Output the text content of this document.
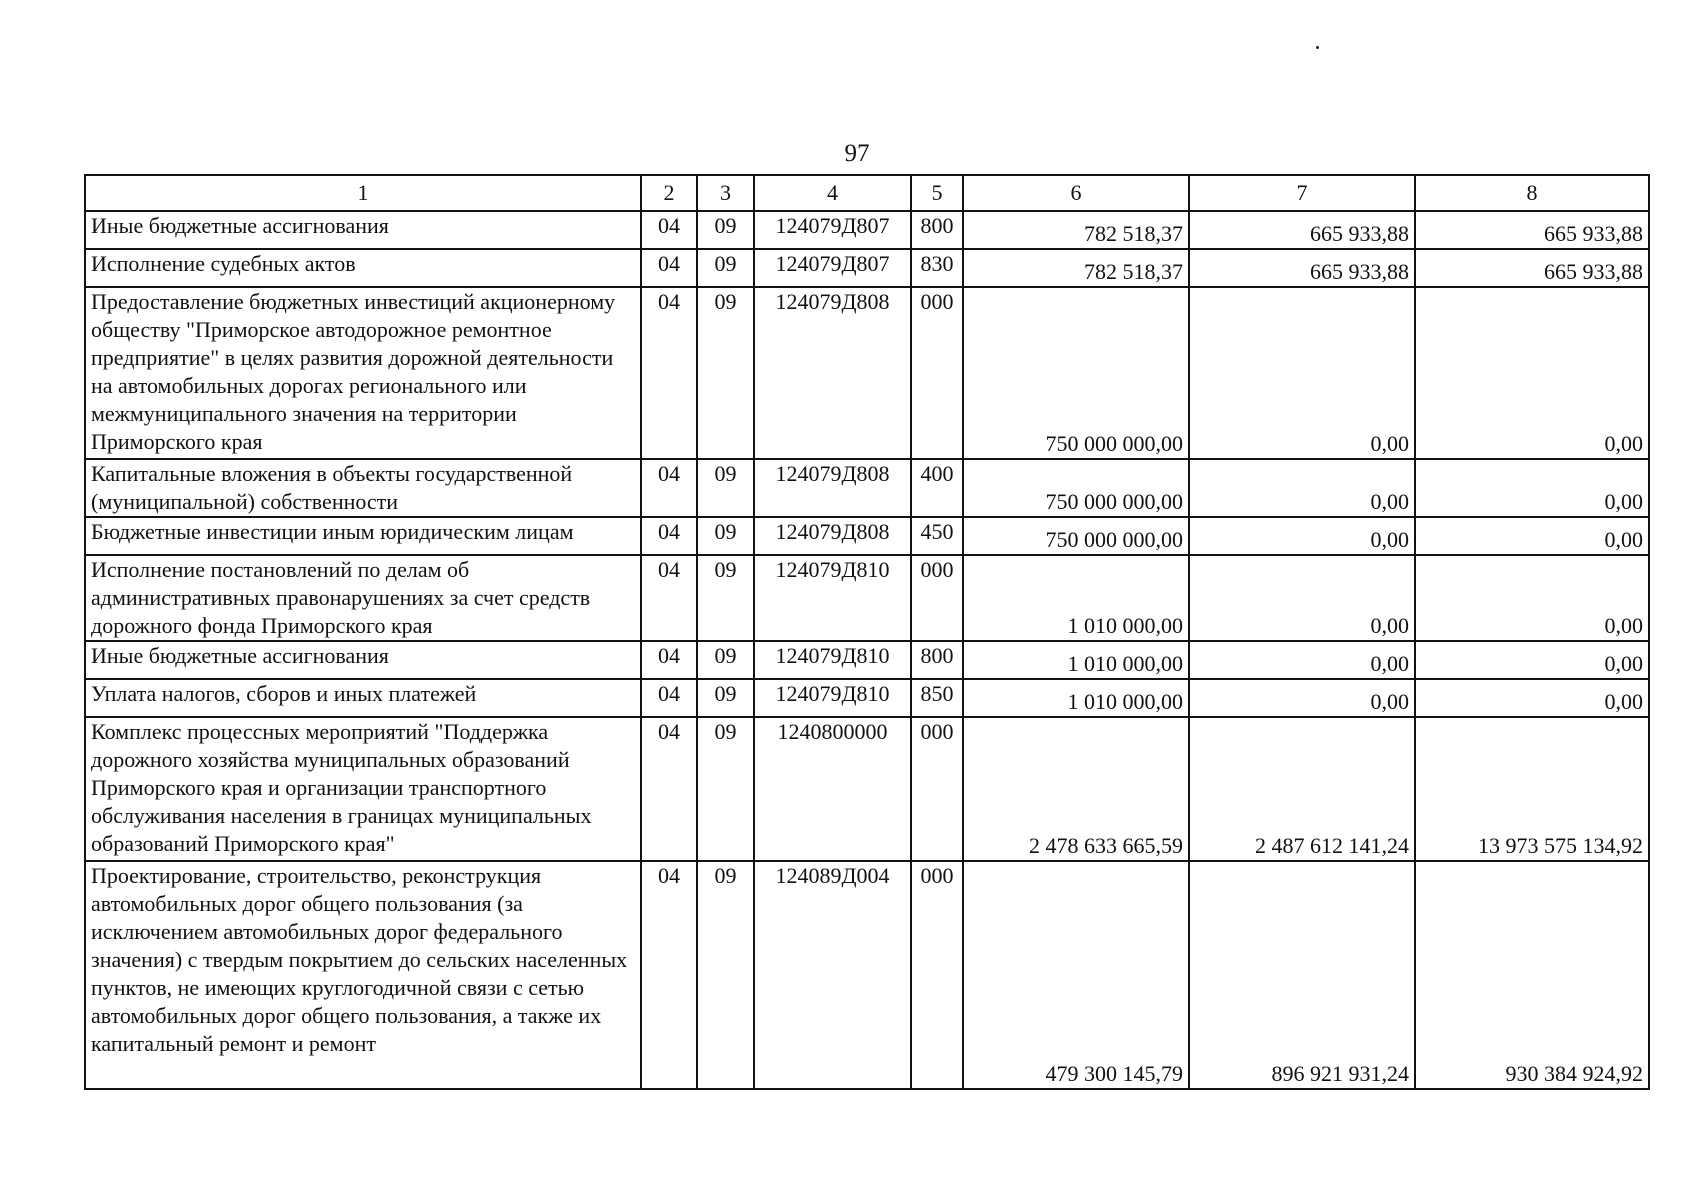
97
1	2	3	4	5	6	7	8
Иные бюджетные ассигнования	04	09	124079Д807	800	782 518,37	665 933,88	665 933,88
Исполнение судебных актов	04	09	124079Д807	830	782 518,37	665 933,88	665 933,88
Предоставление бюджетных инвестиций акционерному обществу "Приморское автодорожное ремонтное предприятие" в целях развития дорожной деятельности на автомобильных дорогах регионального или межмуниципального значения на территории Приморского края	04	09	124079Д808	000	750 000 000,00	0,00	0,00
Капитальные вложения в объекты государственной (муниципальной) собственности	04	09	124079Д808	400	750 000 000,00	0,00	0,00
Бюджетные инвестиции иным юридическим лицам	04	09	124079Д808	450	750 000 000,00	0,00	0,00
Исполнение постановлений по делам об административных правонарушениях за счет средств дорожного фонда Приморского края	04	09	124079Д810	000	1 010 000,00	0,00	0,00
Иные бюджетные ассигнования	04	09	124079Д810	800	1 010 000,00	0,00	0,00
Уплата налогов, сборов и иных платежей	04	09	124079Д810	850	1 010 000,00	0,00	0,00
Комплекс процессных мероприятий "Поддержка дорожного хозяйства муниципальных образований Приморского края и организации транспортного обслуживания населения в границах муниципальных образований Приморского края"	04	09	1240800000	000	2 478 633 665,59	2 487 612 141,24	13 973 575 134,92
Проектирование, строительство, реконструкция автомобильных дорог общего пользования (за исключением автомобильных дорог федерального значения) с твердым покрытием до сельских населенных пунктов, не имеющих круглогодичной связи с сетью автомобильных дорог общего пользования, а также их капитальный ремонт и ремонт	04	09	124089Д004	000	479 300 145,79	896 921 931,24	930 384 924,92
